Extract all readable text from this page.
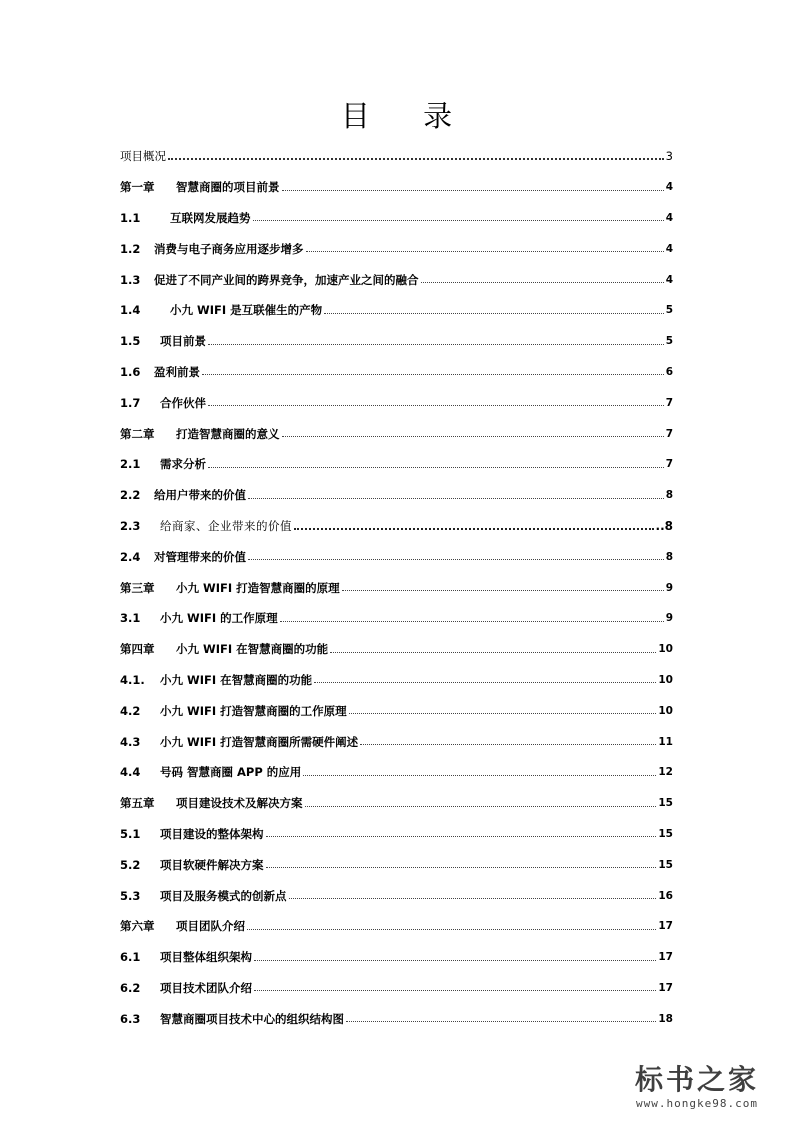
目 录
项目概况	3
第一章	智慧商圈的项目前景	4
1.1	互联网发展趋势	4
1.2	消费与电子商务应用逐步增多	4
1.3	促进了不同产业间的跨界竞争，加速产业之间的融合	4
1.4	小九 WIFI 是互联催生的产物	5
1.5	项目前景	5
1.6	盈利前景	6
1.7	合作伙伴	7
第二章	打造智慧商圈的意义	7
2.1	需求分析	7
2.2	给用户带来的价值	8
2.3	给商家、企业带来的价值	..8
2.4	对管理带来的价值	8
第三章	小九 WIFI 打造智慧商圈的原理	9
3.1	小九 WIFI 的工作原理	9
第四章	小九 WIFI 在智慧商圈的功能	10
4.1.	小九 WIFI 在智慧商圈的功能	10
4.2	小九 WIFI 打造智慧商圈的工作原理	10
4.3	小九 WIFI 打造智慧商圈所需硬件阐述	11
4.4	号码 智慧商圈 APP 的应用	12
第五章	项目建设技术及解决方案	15
5.1	项目建设的整体架构	15
5.2	项目软硬件解决方案	15
5.3	项目及服务模式的创新点	16
第六章	项目团队介绍	17
6.1	项目整体组织架构	17
6.2	项目技术团队介绍	17
6.3	智慧商圈项目技术中心的组织结构图	18
标书之家
www.hongke98.com
